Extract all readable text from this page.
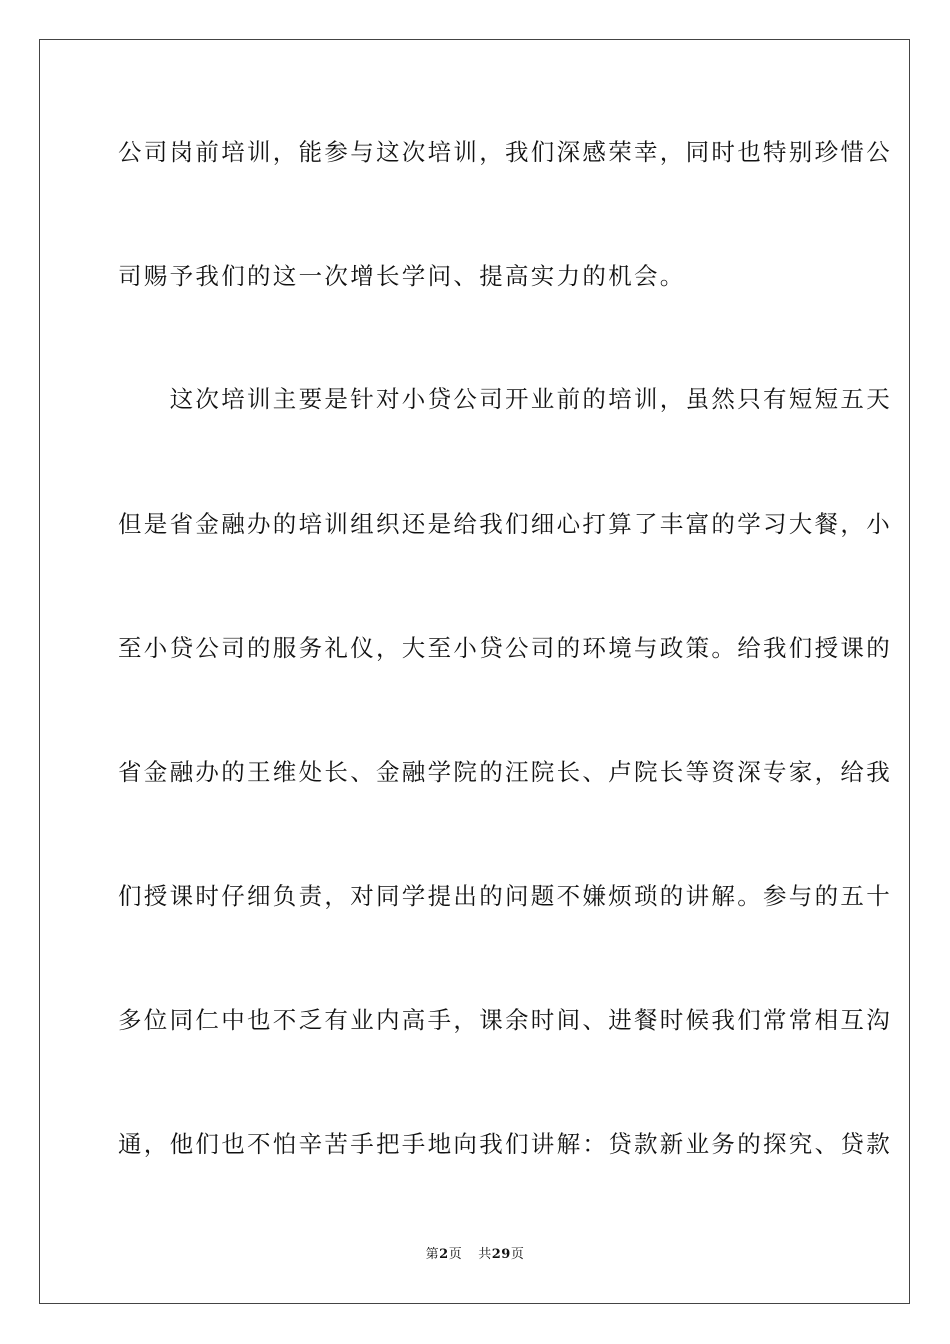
公司岗前培训，能参与这次培训，我们深感荣幸，同时也特别珍惜公
司赐予我们的这一次增长学问、提高实力的机会。
　　这次培训主要是针对小贷公司开业前的培训，虽然只有短短五天
但是省金融办的培训组织还是给我们细心打算了丰富的学习大餐，小
至小贷公司的服务礼仪，大至小贷公司的环境与政策。给我们授课的
省金融办的王维处长、金融学院的汪院长、卢院长等资深专家，给我
们授课时仔细负责，对同学提出的问题不嫌烦琐的讲解。参与的五十
多位同仁中也不乏有业内高手，课余时间、进餐时候我们常常相互沟
通，他们也不怕辛苦手把手地向我们讲解：贷款新业务的探究、贷款
第2页 共29页
